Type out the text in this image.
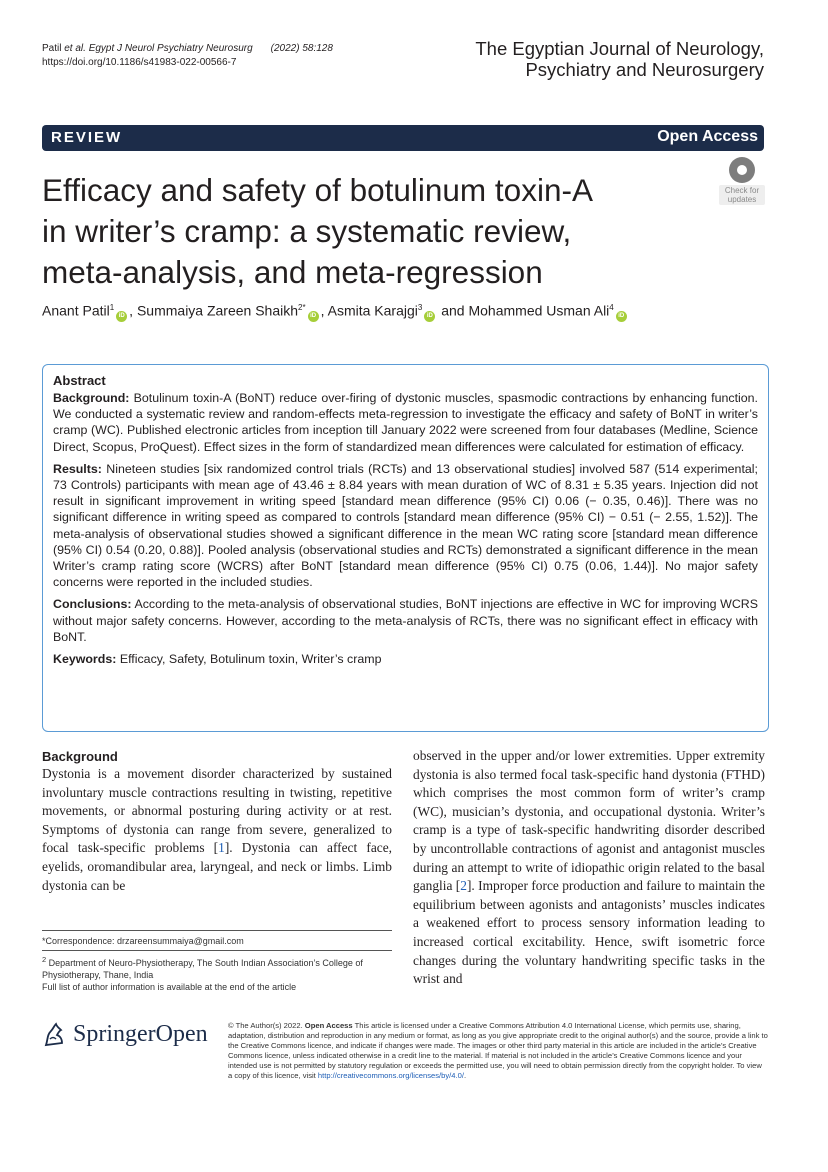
Patil et al. Egypt J Neurol Psychiatry Neurosurg (2022) 58:128
https://doi.org/10.1186/s41983-022-00566-7
The Egyptian Journal of Neurology,
Psychiatry and Neurosurgery
REVIEW	Open Access
Efficacy and safety of botulinum toxin-A
in writer’s cramp: a systematic review,
meta-analysis, and meta-regression
Check for
updates
Anant Patil$^1$iD , Summaiya Zareen Shaikh$^{2*}$iD , Asmita Karajgi$^3$iD and Mohammed Usman Ali$^4$iD
Abstract

Background: Botulinum toxin-A (BoNT) reduce over-firing of dystonic muscles, spasmodic contractions by enhancing function. We conducted a systematic review and random-effects meta-regression to investigate the efficacy and safety of BoNT in writer’s cramp (WC). Published electronic articles from inception till January 2022 were screened from four databases (Medline, Science Direct, Scopus, ProQuest). Effect sizes in the form of standardized mean differences were calculated for estimation of efficacy.

Results: Nineteen studies [six randomized control trials (RCTs) and 13 observational studies] involved 587 (514 experimental; 73 Controls) participants with mean age of 43.46 ± 8.84 years with mean duration of WC of 8.31 ± 5.35 years. Injection did not result in significant improvement in writing speed [standard mean difference (95% CI) 0.06 (− 0.35, 0.46)]. There was no significant difference in writing speed as compared to controls [standard mean difference (95% CI) − 0.51 (− 2.55, 1.52)]. The meta-analysis of observational studies showed a significant difference in the mean WC rating score [standard mean difference (95% CI) 0.54 (0.20, 0.88)]. Pooled analysis (observational studies and RCTs) demonstrated a significant difference in the mean Writer’s cramp rating score (WCRS) after BoNT [standard mean difference (95% CI) 0.75 (0.06, 1.44)]. No major safety concerns were reported in the included studies.

Conclusions: According to the meta-analysis of observational studies, BoNT injections are effective in WC for improving WCRS without major safety concerns. However, according to the meta-analysis of RCTs, there was no significant effect in efficacy with BoNT.

Keywords: Efficacy, Safety, Botulinum toxin, Writer’s cramp

Background

Dystonia is a movement disorder characterized by sustained involuntary muscle contractions resulting in twisting, repetitive movements, or abnormal posturing during activity or at rest. Symptoms of dystonia can range from severe, generalized to focal task-specific problems [1]. Dystonia can affect face, eyelids, oromandibular area, laryngeal, and neck or limbs. Limb dystonia can be

*Correspondence: drzareensummaiya@gmail.com
$^2$ Department of Neuro-Physiotherapy, The South Indian Association’s College of Physiotherapy, Thane, India
Full list of author information is available at the end of the article

observed in the upper and/or lower extremities. Upper extremity dystonia is also termed focal task-specific hand dystonia (FTHD) which comprises the most common form of writer’s cramp (WC), musician’s dystonia, and occupational dystonia. Writer’s cramp is a type of task-specific handwriting disorder described by uncontrollable contractions of agonist and antagonist muscles during an attempt to write of idiopathic origin related to the basal ganglia [2]. Improper force production and failure to maintain the equilibrium between agonists and antagonists’ muscles indicates a weakened effort to process sensory information leading to increased cortical excitability. Hence, swift isometric force changes during the voluntary handwriting specific tasks in the wrist and

SpringerOpen	© The Author(s) 2022. Open Access This article is licensed under a Creative Commons Attribution 4.0 International License, which permits use, sharing, adaptation, distribution and reproduction in any medium or format, as long as you give appropriate credit to the original author(s) and the source, provide a link to the Creative Commons licence, and indicate if changes were made. The images or other third party material in this article are included in the article’s Creative Commons licence, unless indicated otherwise in a credit line to the material. If material is not included in the article’s Creative Commons licence and your intended use is not permitted by statutory regulation or exceeds the permitted use, you will need to obtain permission directly from the copyright holder. To view a copy of this licence, visit http://creativecommons.org/licenses/by/4.0/.
